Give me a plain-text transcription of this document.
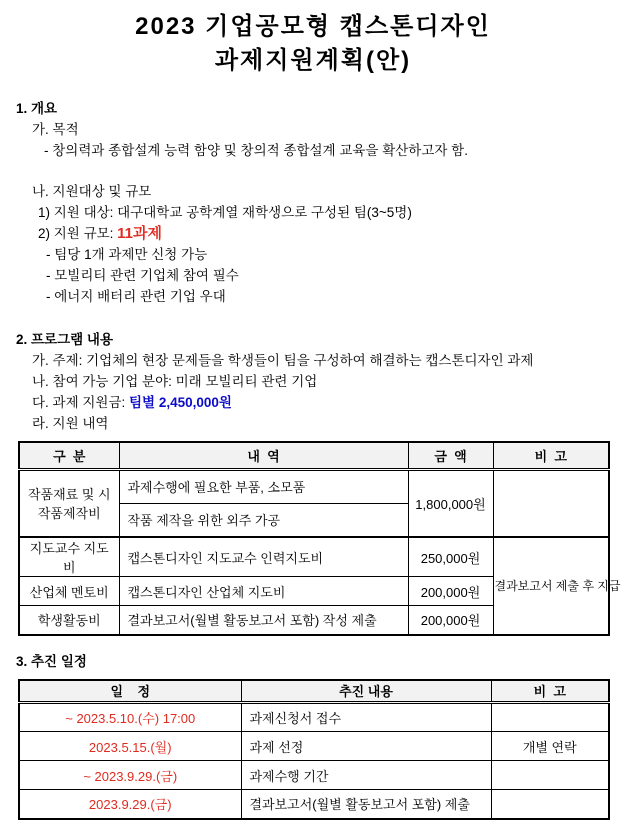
2023 기업공모형 캡스톤디자인
과제지원계획(안)
1. 개요
가. 목적
- 창의력과 종합설계 능력 함양 및 창의적 종합설계 교육을 확산하고자 함.
나. 지원대상 및 규모
1) 지원 대상: 대구대학교 공학계열 재학생으로 구성된 팀(3~5명)
2) 지원 규모: 11과제
- 팀당 1개 과제만 신청 가능
- 모빌리티 관련 기업체 참여 필수
- 에너지 배터리 관련 기업 우대
2. 프로그램 내용
가. 주제: 기업체의 현장 문제들을 학생들이 팀을 구성하여 해결하는 캡스톤디자인 과제
나. 참여 가능 기업 분야: 미래 모빌리티 관련 기업
다. 과제 지원금: 팀별 2,450,000원
라. 지원 내역
구  분	내  역	금  액	비  고
작품재료 및 시작품제작비	과제수행에 필요한 부품, 소모품	1,800,000원	
	작품 제작을 위한 외주 가공		
지도교수 지도비	캡스톤디자인 지도교수 인력지도비	250,000원	결과보고서 제출 후 지급
산업체 멘토비	캡스톤디자인 산업체 지도비	200,000원	
학생활동비	결과보고서(월별 활동보고서 포함) 작성 제출	200,000원	
3. 추진 일정
일    정	추진 내용	비  고
~ 2023.5.10.(수) 17:00	과제신청서 접수	
2023.5.15.(월)	과제 선정	개별 연락
~ 2023.9.29.(금)	과제수행 기간	
2023.9.29.(금)	결과보고서(월별 활동보고서 포함) 제출	
